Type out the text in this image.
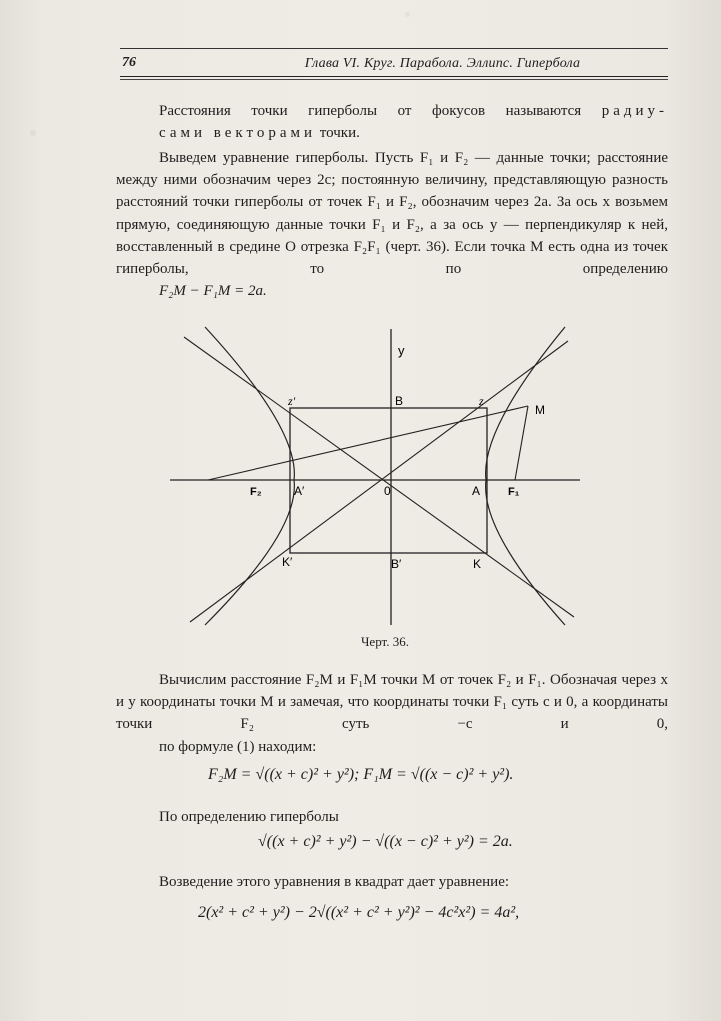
76	Глава VI. Круг. Парабола. Эллипс. Гипербола
Расстояния точки гиперболы от фокусов называются радиу-
сами векторами точки.
Выведем уравнение гиперболы. Пусть F₁ и F₂ — данные точки; расстояние между ними обозначим через 2c; постоянную величину, представляющую разность расстояний точки гиперболы от точек F₁ и F₂, обозначим через 2a. За ось x возьмем прямую, соединяющую данные точки F₁ и F₂, а за ось y — перпендикуляр к ней, восставленный в средине O отрезка F₂F₁ (черт. 36). Если точка M есть одна из точек гиперболы, то по определению
F₂M − F₁M = 2a.
y
B
B′
z′	z
M
F₂	A′	0	A	F₁
K′	K
Черт. 36.
Вычислим расстояние F₂M и F₁M точки M от точек F₂ и F₁. Обозначая через x и y координаты точки M и замечая, что координаты точки F₁ суть c и 0, а координаты точки F₂ суть −c и 0,
по формуле (1) находим:
F₂M = √((x + c)² + y²); F₁M = √((x − c)² + y²).
По определению гиперболы
√((x + c)² + y²) − √((x − c)² + y²) = 2a.
Возведение этого уравнения в квадрат дает уравнение:
2(x² + c² + y²) − 2√((x² + c² + y²)² − 4c²x²) = 4a²,
